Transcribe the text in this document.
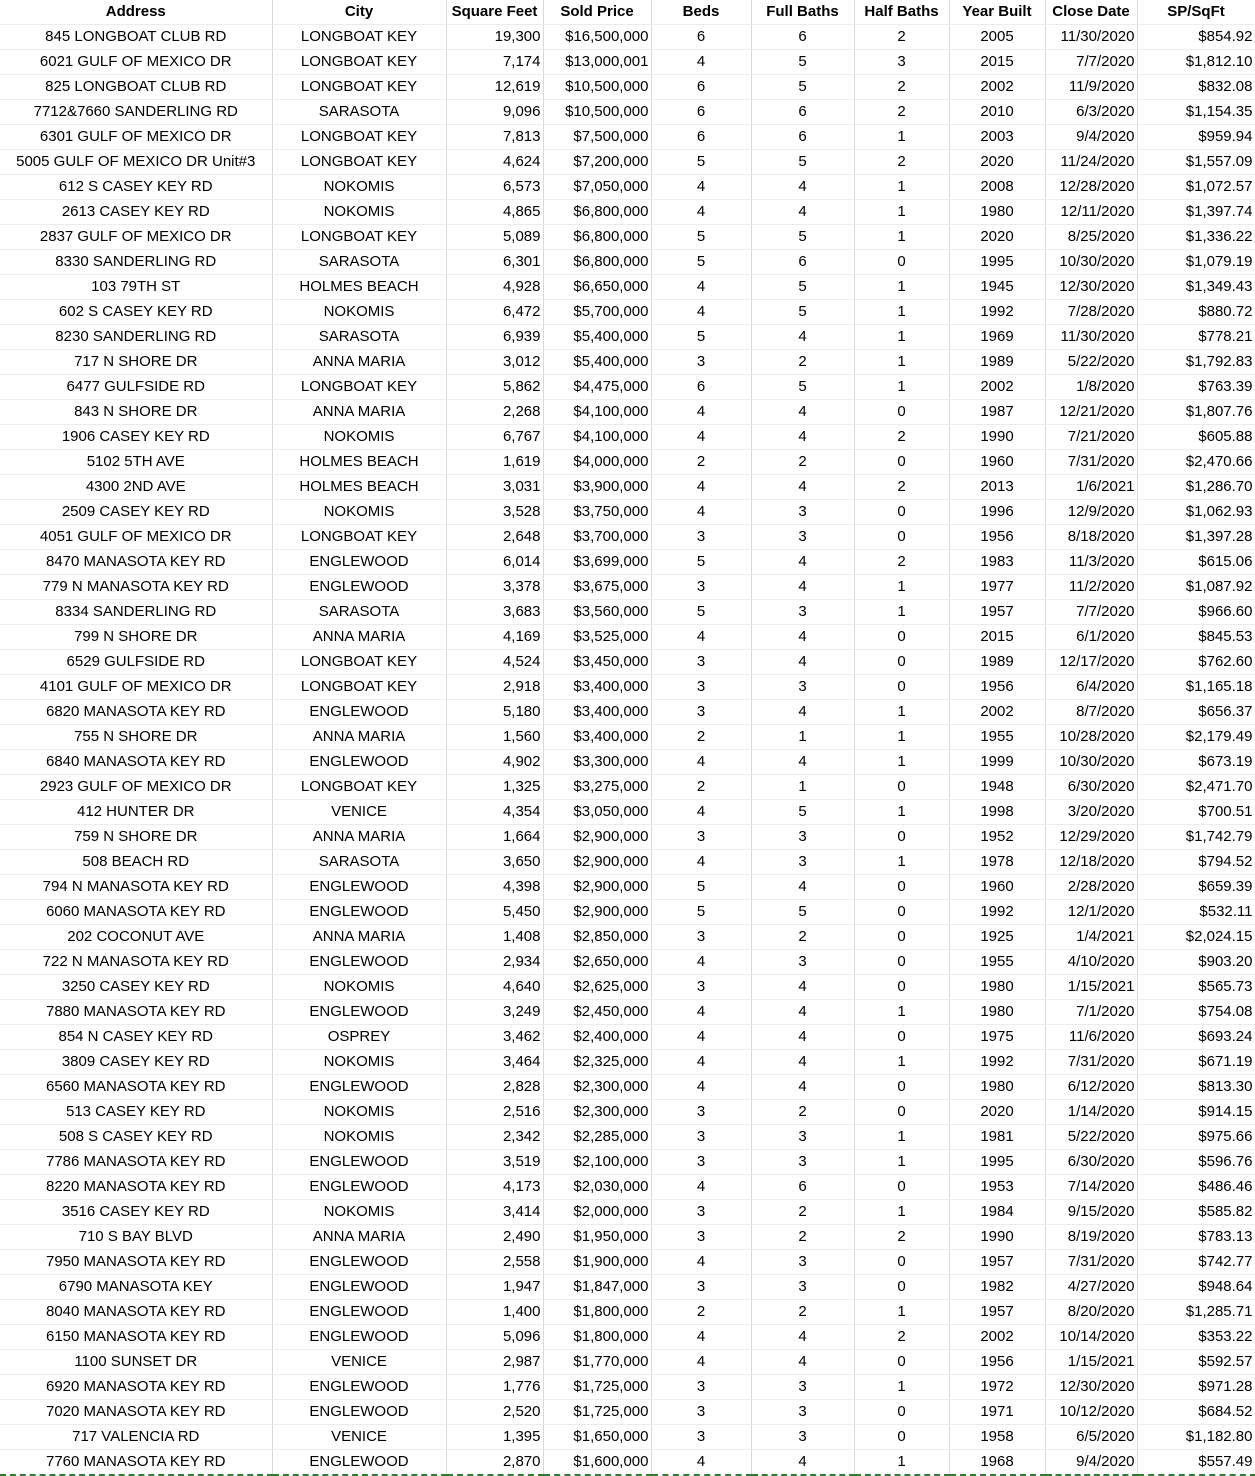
Address	City	Square Feet	Sold Price	Beds	Full Baths	Half Baths	Year Built	Close Date	SP/SqFt
845 LONGBOAT CLUB RD	LONGBOAT KEY	19,300	$16,500,000	6	6	2	2005	11/30/2020	$854.92
6021 GULF OF MEXICO DR	LONGBOAT KEY	7,174	$13,000,001	4	5	3	2015	7/7/2020	$1,812.10
825 LONGBOAT CLUB RD	LONGBOAT KEY	12,619	$10,500,000	6	5	2	2002	11/9/2020	$832.08
7712&7660 SANDERLING RD	SARASOTA	9,096	$10,500,000	6	6	2	2010	6/3/2020	$1,154.35
6301 GULF OF MEXICO DR	LONGBOAT KEY	7,813	$7,500,000	6	6	1	2003	9/4/2020	$959.94
5005 GULF OF MEXICO DR Unit#3	LONGBOAT KEY	4,624	$7,200,000	5	5	2	2020	11/24/2020	$1,557.09
612 S CASEY KEY RD	NOKOMIS	6,573	$7,050,000	4	4	1	2008	12/28/2020	$1,072.57
2613 CASEY KEY RD	NOKOMIS	4,865	$6,800,000	4	4	1	1980	12/11/2020	$1,397.74
2837 GULF OF MEXICO DR	LONGBOAT KEY	5,089	$6,800,000	5	5	1	2020	8/25/2020	$1,336.22
8330 SANDERLING RD	SARASOTA	6,301	$6,800,000	5	6	0	1995	10/30/2020	$1,079.19
103 79TH ST	HOLMES BEACH	4,928	$6,650,000	4	5	1	1945	12/30/2020	$1,349.43
602 S CASEY KEY RD	NOKOMIS	6,472	$5,700,000	4	5	1	1992	7/28/2020	$880.72
8230 SANDERLING RD	SARASOTA	6,939	$5,400,000	5	4	1	1969	11/30/2020	$778.21
717 N SHORE DR	ANNA MARIA	3,012	$5,400,000	3	2	1	1989	5/22/2020	$1,792.83
6477 GULFSIDE RD	LONGBOAT KEY	5,862	$4,475,000	6	5	1	2002	1/8/2020	$763.39
843 N SHORE DR	ANNA MARIA	2,268	$4,100,000	4	4	0	1987	12/21/2020	$1,807.76
1906 CASEY KEY RD	NOKOMIS	6,767	$4,100,000	4	4	2	1990	7/21/2020	$605.88
5102 5TH AVE	HOLMES BEACH	1,619	$4,000,000	2	2	0	1960	7/31/2020	$2,470.66
4300 2ND AVE	HOLMES BEACH	3,031	$3,900,000	4	4	2	2013	1/6/2021	$1,286.70
2509 CASEY KEY RD	NOKOMIS	3,528	$3,750,000	4	3	0	1996	12/9/2020	$1,062.93
4051 GULF OF MEXICO DR	LONGBOAT KEY	2,648	$3,700,000	3	3	0	1956	8/18/2020	$1,397.28
8470 MANASOTA KEY RD	ENGLEWOOD	6,014	$3,699,000	5	4	2	1983	11/3/2020	$615.06
779 N MANASOTA KEY RD	ENGLEWOOD	3,378	$3,675,000	3	4	1	1977	11/2/2020	$1,087.92
8334 SANDERLING RD	SARASOTA	3,683	$3,560,000	5	3	1	1957	7/7/2020	$966.60
799 N SHORE DR	ANNA MARIA	4,169	$3,525,000	4	4	0	2015	6/1/2020	$845.53
6529 GULFSIDE RD	LONGBOAT KEY	4,524	$3,450,000	3	4	0	1989	12/17/2020	$762.60
4101 GULF OF MEXICO DR	LONGBOAT KEY	2,918	$3,400,000	3	3	0	1956	6/4/2020	$1,165.18
6820 MANASOTA KEY RD	ENGLEWOOD	5,180	$3,400,000	3	4	1	2002	8/7/2020	$656.37
755 N SHORE DR	ANNA MARIA	1,560	$3,400,000	2	1	1	1955	10/28/2020	$2,179.49
6840 MANASOTA KEY RD	ENGLEWOOD	4,902	$3,300,000	4	4	1	1999	10/30/2020	$673.19
2923 GULF OF MEXICO DR	LONGBOAT KEY	1,325	$3,275,000	2	1	0	1948	6/30/2020	$2,471.70
412 HUNTER DR	VENICE	4,354	$3,050,000	4	5	1	1998	3/20/2020	$700.51
759 N SHORE DR	ANNA MARIA	1,664	$2,900,000	3	3	0	1952	12/29/2020	$1,742.79
508 BEACH RD	SARASOTA	3,650	$2,900,000	4	3	1	1978	12/18/2020	$794.52
794 N MANASOTA KEY RD	ENGLEWOOD	4,398	$2,900,000	5	4	0	1960	2/28/2020	$659.39
6060 MANASOTA KEY RD	ENGLEWOOD	5,450	$2,900,000	5	5	0	1992	12/1/2020	$532.11
202 COCONUT AVE	ANNA MARIA	1,408	$2,850,000	3	2	0	1925	1/4/2021	$2,024.15
722 N MANASOTA KEY RD	ENGLEWOOD	2,934	$2,650,000	4	3	0	1955	4/10/2020	$903.20
3250 CASEY KEY RD	NOKOMIS	4,640	$2,625,000	3	4	0	1980	1/15/2021	$565.73
7880 MANASOTA KEY RD	ENGLEWOOD	3,249	$2,450,000	4	4	1	1980	7/1/2020	$754.08
854 N CASEY KEY RD	OSPREY	3,462	$2,400,000	4	4	0	1975	11/6/2020	$693.24
3809 CASEY KEY RD	NOKOMIS	3,464	$2,325,000	4	4	1	1992	7/31/2020	$671.19
6560 MANASOTA KEY RD	ENGLEWOOD	2,828	$2,300,000	4	4	0	1980	6/12/2020	$813.30
513 CASEY KEY RD	NOKOMIS	2,516	$2,300,000	3	2	0	2020	1/14/2020	$914.15
508 S CASEY KEY RD	NOKOMIS	2,342	$2,285,000	3	3	1	1981	5/22/2020	$975.66
7786 MANASOTA KEY RD	ENGLEWOOD	3,519	$2,100,000	3	3	1	1995	6/30/2020	$596.76
8220 MANASOTA KEY RD	ENGLEWOOD	4,173	$2,030,000	4	6	0	1953	7/14/2020	$486.46
3516 CASEY KEY RD	NOKOMIS	3,414	$2,000,000	3	2	1	1984	9/15/2020	$585.82
710 S BAY BLVD	ANNA MARIA	2,490	$1,950,000	3	2	2	1990	8/19/2020	$783.13
7950 MANASOTA KEY RD	ENGLEWOOD	2,558	$1,900,000	4	3	0	1957	7/31/2020	$742.77
6790 MANASOTA KEY	ENGLEWOOD	1,947	$1,847,000	3	3	0	1982	4/27/2020	$948.64
8040 MANASOTA KEY RD	ENGLEWOOD	1,400	$1,800,000	2	2	1	1957	8/20/2020	$1,285.71
6150 MANASOTA KEY RD	ENGLEWOOD	5,096	$1,800,000	4	4	2	2002	10/14/2020	$353.22
1100 SUNSET DR	VENICE	2,987	$1,770,000	4	4	0	1956	1/15/2021	$592.57
6920 MANASOTA KEY RD	ENGLEWOOD	1,776	$1,725,000	3	3	1	1972	12/30/2020	$971.28
7020 MANASOTA KEY RD	ENGLEWOOD	2,520	$1,725,000	3	3	0	1971	10/12/2020	$684.52
717 VALENCIA RD	VENICE	1,395	$1,650,000	3	3	0	1958	6/5/2020	$1,182.80
7760 MANASOTA KEY RD	ENGLEWOOD	2,870	$1,600,000	4	4	1	1968	9/4/2020	$557.49
